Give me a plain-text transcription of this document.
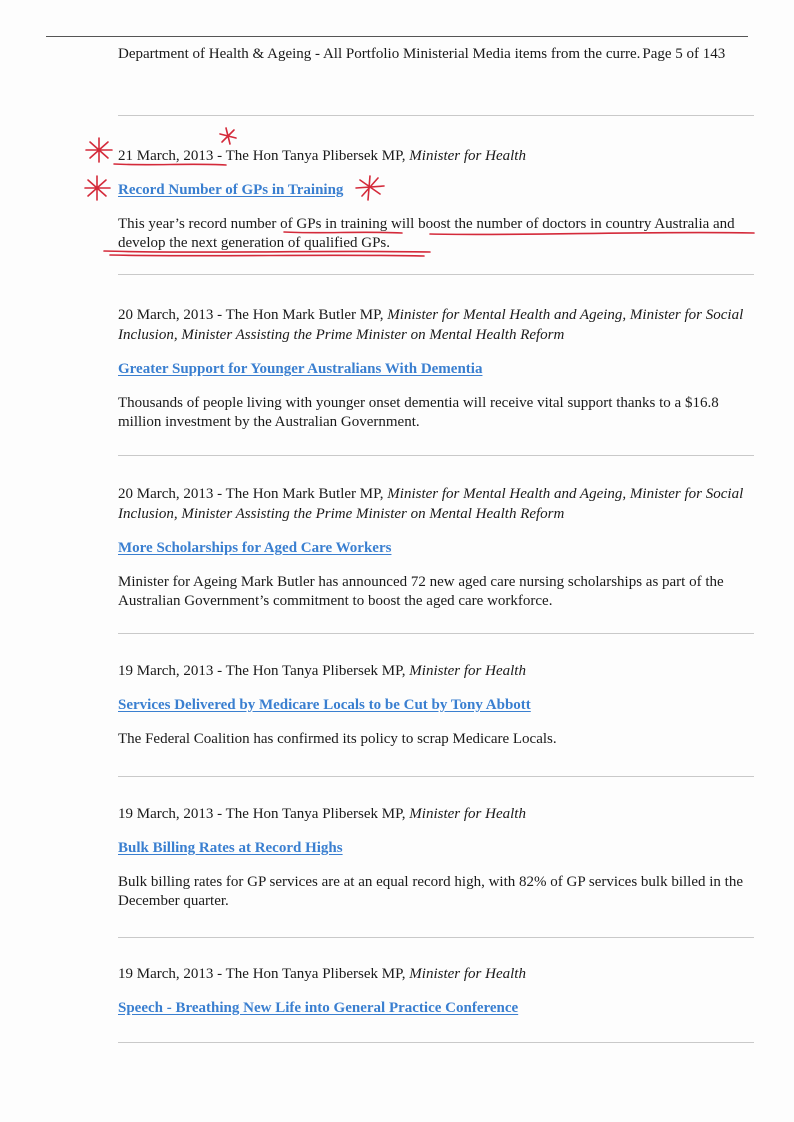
Department of Health & Ageing - All Portfolio Ministerial Media items from the curre. Page 5 of 143
21 March, 2013 - The Hon Tanya Plibersek MP, Minister for Health
Record Number of GPs in Training
This year’s record number of GPs in training will boost the number of doctors in country Australia and develop the next generation of qualified GPs.
20 March, 2013 - The Hon Mark Butler MP, Minister for Mental Health and Ageing, Minister for Social Inclusion, Minister Assisting the Prime Minister on Mental Health Reform
Greater Support for Younger Australians With Dementia
Thousands of people living with younger onset dementia will receive vital support thanks to a $16.8 million investment by the Australian Government.
20 March, 2013 - The Hon Mark Butler MP, Minister for Mental Health and Ageing, Minister for Social Inclusion, Minister Assisting the Prime Minister on Mental Health Reform
More Scholarships for Aged Care Workers
Minister for Ageing Mark Butler has announced 72 new aged care nursing scholarships as part of the Australian Government’s commitment to boost the aged care workforce.
19 March, 2013 - The Hon Tanya Plibersek MP, Minister for Health
Services Delivered by Medicare Locals to be Cut by Tony Abbott
The Federal Coalition has confirmed its policy to scrap Medicare Locals.
19 March, 2013 - The Hon Tanya Plibersek MP, Minister for Health
Bulk Billing Rates at Record Highs
Bulk billing rates for GP services are at an equal record high, with 82% of GP services bulk billed in the December quarter.
19 March, 2013 - The Hon Tanya Plibersek MP, Minister for Health
Speech - Breathing New Life into General Practice Conference
